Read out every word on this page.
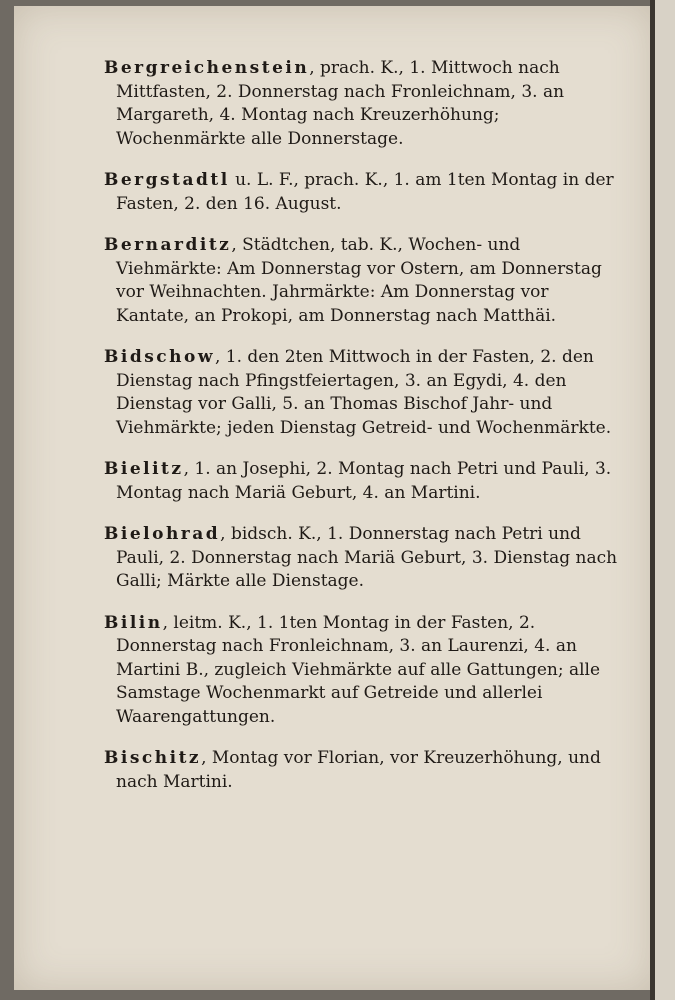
Bergreichenstein, prach. K., 1. Mittwoch nach Mittfasten, 2. Donnerstag nach Fronleichnam, 3. an Margareth, 4. Montag nach Kreuzerhöhung; Wochenmärkte alle Donnerstage.

Bergstadtl u. L. F., prach. K., 1. am 1ten Montag in der Fasten, 2. den 16. August.

Bernarditz, Städtchen, tab. K., Wochen- und Viehmärkte: Am Donnerstag vor Ostern, am Donnerstag vor Weihnachten. Jahrmärkte: Am Donnerstag vor Kantate, an Prokopi, am Donnerstag nach Matthäi.

Bidschow, 1. den 2ten Mittwoch in der Fasten, 2. den Dienstag nach Pfingstfeiertagen, 3. an Egydi, 4. den Dienstag vor Galli, 5. an Thomas Bischof Jahr- und Viehmärkte; jeden Dienstag Getreid- und Wochenmärkte.

Bielitz, 1. an Josephi, 2. Montag nach Petri und Pauli, 3. Montag nach Mariä Geburt, 4. an Martini.

Bielohrad, bidsch. K., 1. Donnerstag nach Petri und Pauli, 2. Donnerstag nach Mariä Geburt, 3. Dienstag nach Galli; Märkte alle Dienstage.

Bilin, leitm. K., 1. 1ten Montag in der Fasten, 2. Donnerstag nach Fronleichnam, 3. an Laurenzi, 4. an Martini B., zugleich Viehmärkte auf alle Gattungen; alle Samstage Wochenmarkt auf Getreide und allerlei Waarengattungen.

Bischitz, Montag vor Florian, vor Kreuzerhöhung, und nach Martini.
